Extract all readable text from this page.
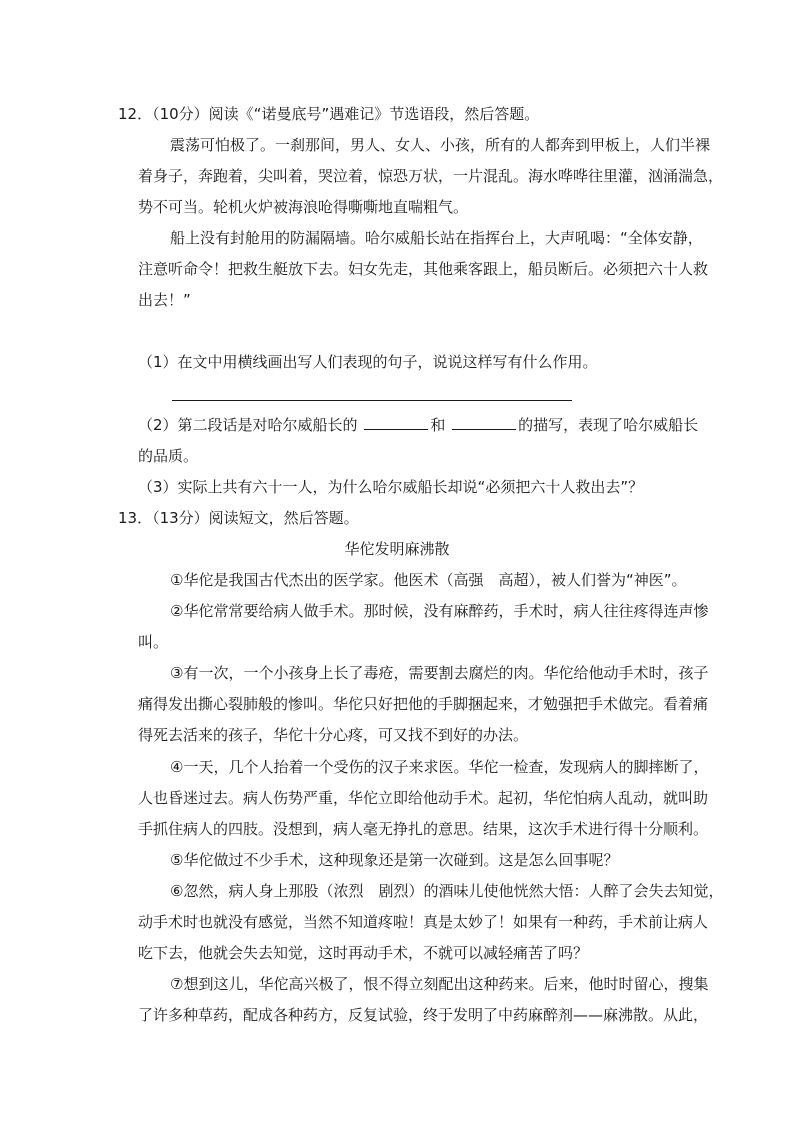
12．（10分）阅读《“诺曼底号”遇难记》节选语段，然后答题。
震荡可怕极了。一刹那间，男人、女人、小孩，所有的人都奔到甲板上，人们半裸
着身子，奔跑着，尖叫着，哭泣着，惊恐万状，一片混乱。海水哗哗往里灌，汹涌湍急，
势不可当。轮机火炉被海浪呛得嘶嘶地直喘粗气。
船上没有封舱用的防漏隔墙。哈尔威船长站在指挥台上，大声吼喝：“全体安静，
注意听命令！把救生艇放下去。妇女先走，其他乘客跟上，船员断后。必须把六十人救
出去！”
（1）在文中用横线画出写人们表现的句子，说说这样写有什么作用。
（2）第二段话是对哈尔威船长的	和	的描写，表现了哈尔威船长
的品质。
（3）实际上共有六十一人，为什么哈尔威船长却说“必须把六十人救出去”？
13．（13分）阅读短文，然后答题。
华佗发明麻沸散
①华佗是我国古代杰出的医学家。他医术（高强　高超），被人们誉为“神医”。
②华佗常常要给病人做手术。那时候，没有麻醉药，手术时，病人往往疼得连声惨
叫。
③有一次，一个小孩身上长了毒疮，需要割去腐烂的肉。华佗给他动手术时，孩子
痛得发出撕心裂肺般的惨叫。华佗只好把他的手脚捆起来，才勉强把手术做完。看着痛
得死去活来的孩子，华佗十分心疼，可又找不到好的办法。
④一天，几个人抬着一个受伤的汉子来求医。华佗一检查，发现病人的脚摔断了，
人也昏迷过去。病人伤势严重，华佗立即给他动手术。起初，华佗怕病人乱动，就叫助
手抓住病人的四肢。没想到，病人毫无挣扎的意思。结果，这次手术进行得十分顺利。
⑤华佗做过不少手术，这种现象还是第一次碰到。这是怎么回事呢？
⑥忽然，病人身上那股（浓烈　剧烈）的酒味儿使他恍然大悟：人醉了会失去知觉，
动手术时也就没有感觉，当然不知道疼啦！真是太妙了！如果有一种药，手术前让病人
吃下去，他就会失去知觉，这时再动手术，不就可以减轻痛苦了吗？
⑦想到这儿，华佗高兴极了，恨不得立刻配出这种药来。后来，他时时留心，搜集
了许多种草药，配成各种药方，反复试验，终于发明了中药麻醉剂——麻沸散。从此，
